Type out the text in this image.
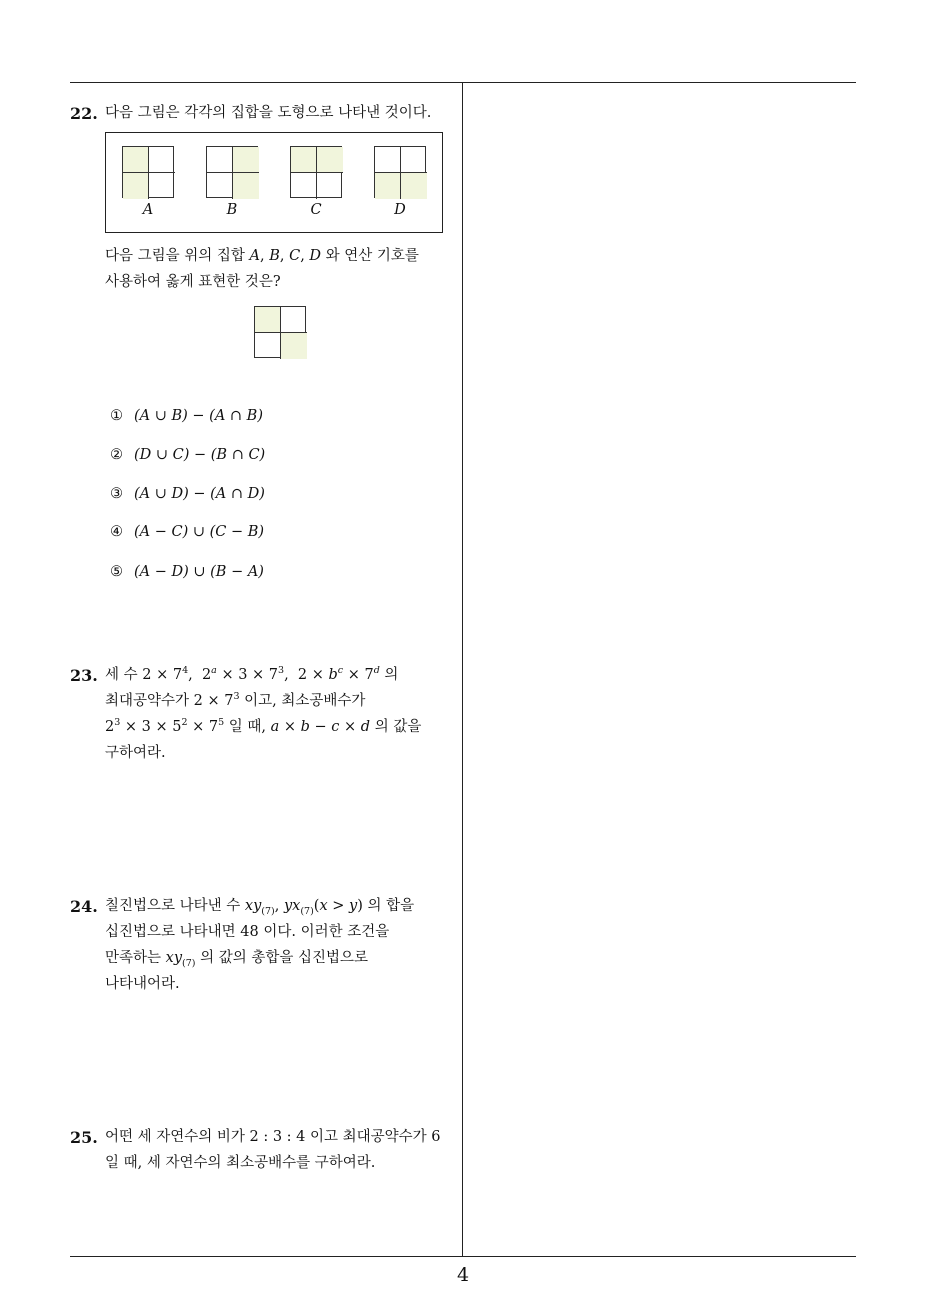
22. 다음 그림은 각각의 집합을 도형으로 나타낸 것이다.
A	B	C	D
다음 그림을 위의 집합 A, B, C, D 와 연산 기호를
사용하여 옳게 표현한 것은?
① (A ∪ B) − (A ∩ B)
② (D ∪ C) − (B ∩ C)
③ (A ∪ D) − (A ∩ D)
④ (A − C) ∪ (C − B)
⑤ (A − D) ∪ (B − A)
23. 세 수 $2 \times 7^4$, $2^a \times 3 \times 7^3$, $2 \times b^c \times 7^d$ 의
최대공약수가 $2 \times 7^3$ 이고, 최소공배수가
$2^3 \times 3 \times 5^2 \times 7^5$ 일 때, a × b − c × d 의 값을
구하여라.
24. 칠진법으로 나타낸 수 $xy_{(7)}$, $yx_{(7)}(x > y)$ 의 합을
십진법으로 나타내면 48 이다. 이러한 조건을
만족하는 $xy_{(7)}$ 의 값의 총합을 십진법으로
나타내어라.
25. 어떤 세 자연수의 비가 2 : 3 : 4 이고 최대공약수가 6
일 때, 세 자연수의 최소공배수를 구하여라.
4
